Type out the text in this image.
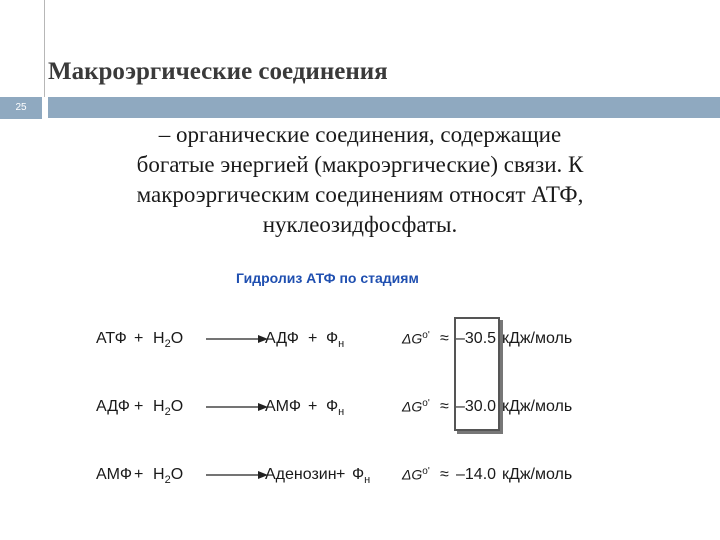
Макроэргические соединения
25
– органические соединения, содержащие
богатые энергией (макроэргические) связи. К
макроэргическим соединениям относят АТФ,
нуклеозидфосфаты.
Гидролиз АТФ по стадиям
АТФ + $H_2O$ →
АДФ + $Ф_н$	$\Delta G^{o'} \approx -30.5$ кДж/моль
АДФ + $H_2O$ →
АМФ + $Ф_н$	$\Delta G^{o'} \approx -30.0$ кДж/моль
АМФ + $H_2O$ →
Аденозин + $Ф_н$ $\Delta G^{o'} \approx -14.0$ кДж/моль
